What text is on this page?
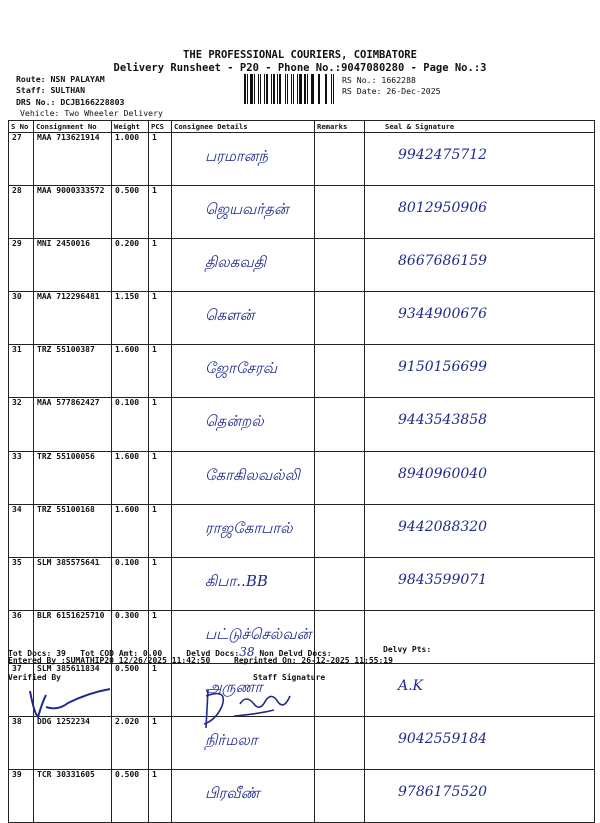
THE PROFESSIONAL COURIERS, COIMBATORE
Delivery Runsheet - P20 - Phone No.:9047080280 - Page No.:3
Route: NSN PALAYAM
Staff: SULTHAN
DRS No.: DCJB166228803
Vehicle: Two Wheeler Delivery
RS No.: 1662288
RS Date: 26-Dec-2025
S No	Consignment No	Weight	PCS	Consignee Details	Remarks	Seal & Signature
27	MAA 713621914	1.000	1	பரமானந்		9942475712
28	MAA 9000333572	0.500	1	ஜெயவர்தன்		8012950906
29	MNI 2450016	0.200	1	திலகவதி		8667686159
30	MAA 712296481	1.150	1	கௌன்		9344900676
31	TRZ 55100387	1.600	1	ஜோசேரவ்		9150156699
32	MAA 577862427	0.100	1	தென்றல்		9443543858
33	TRZ 55100056	1.600	1	கோகிலவல்லி		8940960040
34	TRZ 55100168	1.600	1	ராஜகோபால்		9442088320
35	SLM 385575641	0.100	1	கிபா..BB		9843599071
36	BLR 6151625710	0.300	1	பட்டுச்செல்வன்		
37	SLM 385611834	0.500	1	அருணா		A.K
38	DDG 1252234	2.020	1	நிர்மலா		9042559184
39	TCR 30331605	0.500	1	பிரவீண்		9786175520
Tot Docs: 39 Tot COD Amt: 0.00	Delvd Docs:38 Non Delvd Docs:	Delvy Pts:
Entered By :SUMATHIP20 12/26/2025 11:42:50	Reprinted On: 26-12-2025 11:55:19
Verified By	Staff Signature
